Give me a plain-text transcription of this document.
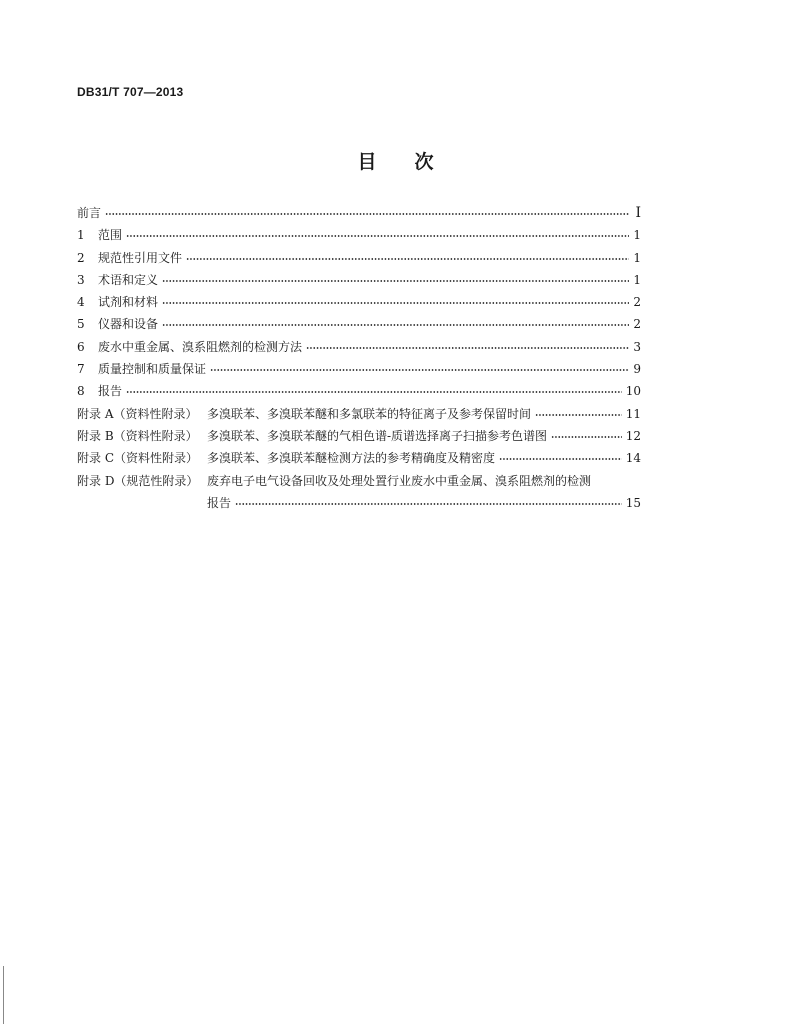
DB31/T 707—2013
目　　次
前言	I
1	范围	1
2	规范性引用文件	1
3	术语和定义	1
4	试剂和材料	2
5	仪器和设备	2
6	废水中重金属、溴系阻燃剂的检测方法	3
7	质量控制和质量保证	9
8	报告	10
附录 A（资料性附录） 多溴联苯、多溴联苯醚和多氯联苯的特征离子及参考保留时间	11
附录 B（资料性附录） 多溴联苯、多溴联苯醚的气相色谱-质谱选择离子扫描参考色谱图	12
附录 C（资料性附录） 多溴联苯、多溴联苯醚检测方法的参考精确度及精密度	14
附录 D（规范性附录） 废弃电子电气设备回收及处理处置行业废水中重金属、溴系阻燃剂的检测
报告	15
